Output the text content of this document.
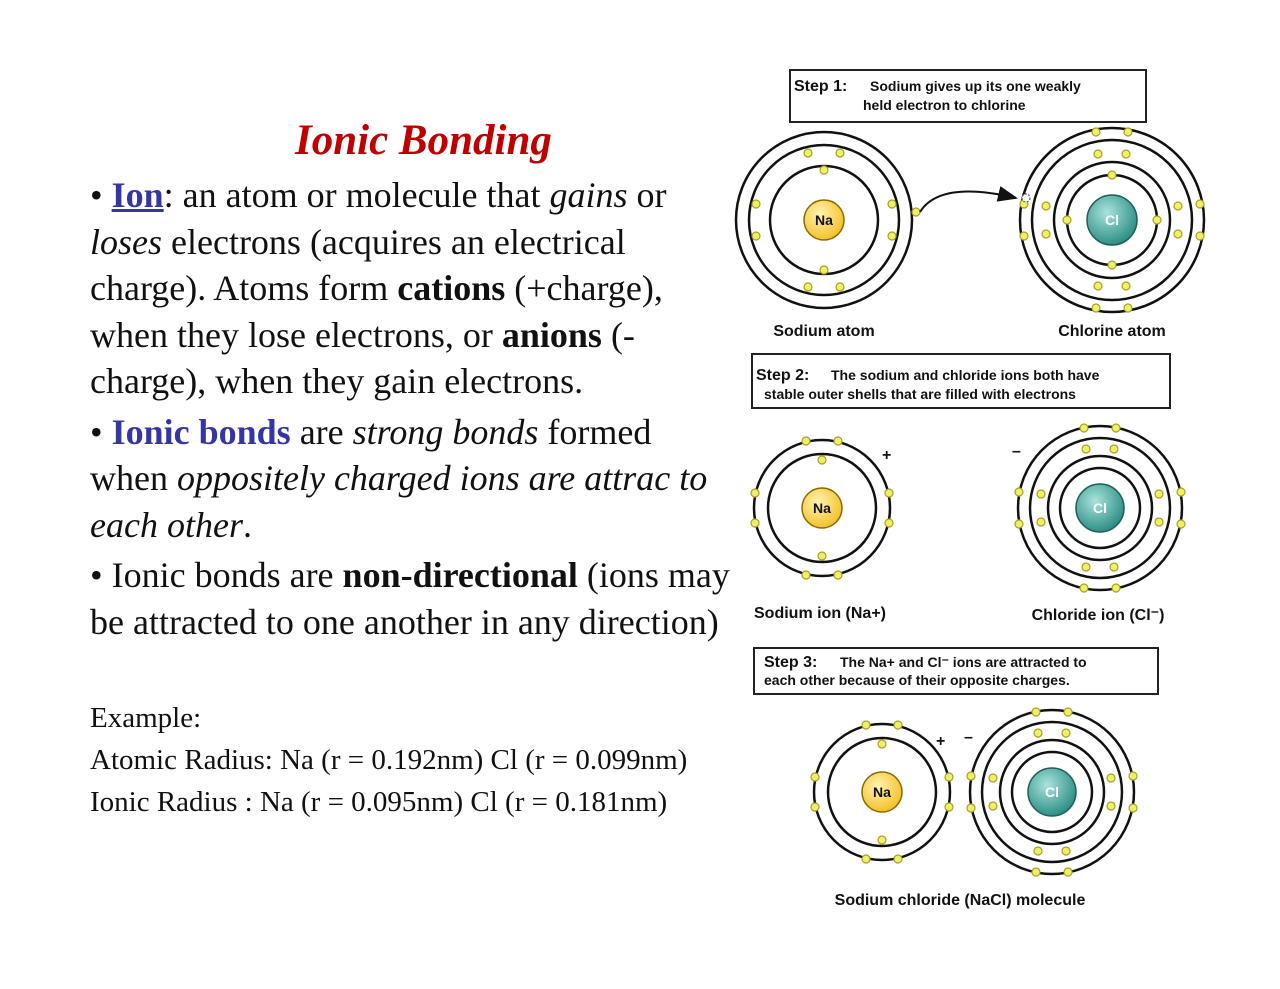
Ionic Bonding

• Ion: an atom or molecule that gains or loses electrons (acquires an electrical charge). Atoms form cations (+charge), when they lose electrons, or anions (- charge), when they gain electrons.

• Ionic bonds are strong bonds formed when oppositely charged ions are attrac to each other.

• Ionic bonds are non-directional (ions may be attracted to one another in any direction)

Example:

Atomic Radius: Na (r = 0.192nm) Cl (r = 0.099nm)

Ionic Radius : Na (r = 0.095nm) Cl (r = 0.181nm)

Step 1: Sodium gives up its one weakly
held electron to chlorine
Na
Sodium atom
Cl
Chlorine atom
Step 2: The sodium and chloride ions both have
stable outer shells that are filled with electrons
Na
+
Sodium ion (Na+)
Cl
–
Chloride ion (Cl⁻)
Step 3: The Na+ and Cl⁻ ions are attracted to
each other because of their opposite charges.
Na
+
Cl
–
Sodium chloride (NaCl) molecule
